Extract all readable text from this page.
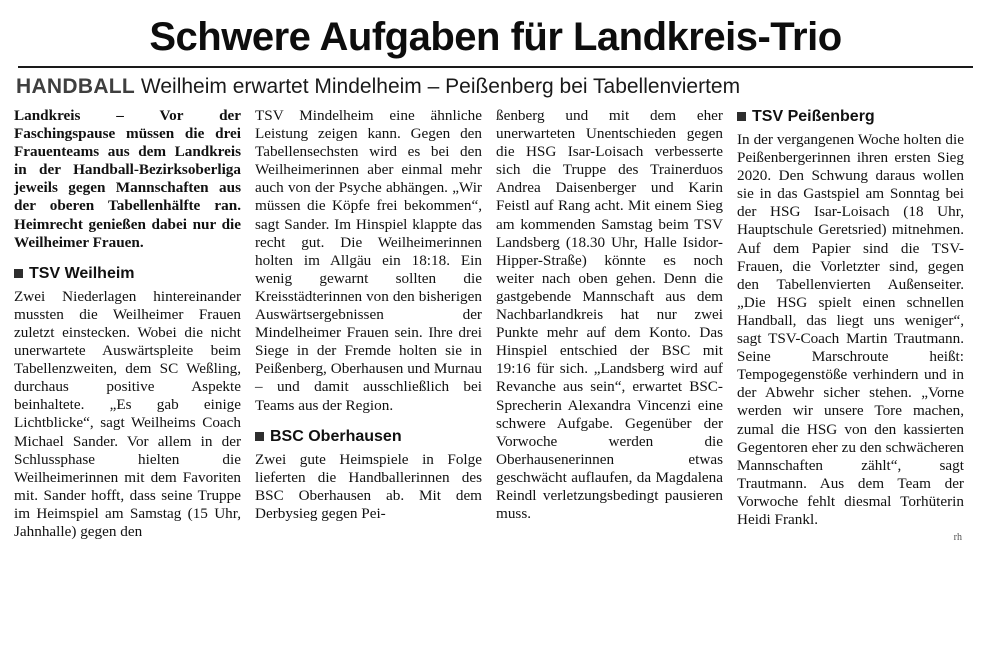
Schwere Aufgaben für Landkreis-Trio
HANDBALL Weilheim erwartet Mindelheim – Peißenberg bei Tabellenviertem

Landkreis – Vor der Faschingspause müssen die drei Frauenteams aus dem Landkreis in der Handball-Bezirksoberliga jeweils gegen Mannschaften aus der oberen Tabellenhälfte ran. Heimrecht genießen dabei nur die Weilheimer Frauen.

TSV Weilheim

Zwei Niederlagen hintereinander mussten die Weilheimer Frauen zuletzt einstecken. Wobei die nicht unerwartete Auswärtspleite beim Tabellenzweiten, dem SC Weßling, durchaus positive Aspekte beinhaltete. „Es gab einige Lichtblicke“, sagt Weilheims Coach Michael Sander. Vor allem in der Schlussphase hielten die Weilheimerinnen mit dem Favoriten mit. Sander hofft, dass seine Truppe im Heimspiel am Samstag (15 Uhr, Jahnhalle) gegen den

TSV Mindelheim eine ähnliche Leistung zeigen kann. Gegen den Tabellensechsten wird es bei den Weilheimerinnen aber einmal mehr auch von der Psyche abhängen. „Wir müssen die Köpfe frei bekommen“, sagt Sander. Im Hinspiel klappte das recht gut. Die Weilheimerinnen holten im Allgäu ein 18:18. Ein wenig gewarnt sollten die Kreisstädterinnen von den bisherigen Auswärtsergebnissen der Mindelheimer Frauen sein. Ihre drei Siege in der Fremde holten sie in Peißenberg, Oberhausen und Murnau – und damit ausschließlich bei Teams aus der Region.

BSC Oberhausen

Zwei gute Heimspiele in Folge lieferten die Handballerinnen des BSC Oberhausen ab. Mit dem Derbysieg gegen Pei-

ßenberg und mit dem eher unerwarteten Unentschieden gegen die HSG Isar-Loisach verbesserte sich die Truppe des Trainerduos Andrea Daisenberger und Karin Feistl auf Rang acht. Mit einem Sieg am kommenden Samstag beim TSV Landsberg (18.30 Uhr, Halle Isidor-Hipper-Straße) könnte es noch weiter nach oben gehen. Denn die gastgebende Mannschaft aus dem Nachbarlandkreis hat nur zwei Punkte mehr auf dem Konto. Das Hinspiel entschied der BSC mit 19:16 für sich. „Landsberg wird auf Revanche aus sein“, erwartet BSC-Sprecherin Alexandra Vincenzi eine schwere Aufgabe. Gegenüber der Vorwoche werden die Oberhausenerinnen etwas geschwächt auflaufen, da Magdalena Reindl verletzungsbedingt pausieren muss.

TSV Peißenberg

In der vergangenen Woche holten die Peißenbergerinnen ihren ersten Sieg 2020. Den Schwung daraus wollen sie in das Gastspiel am Sonntag bei der HSG Isar-Loisach (18 Uhr, Hauptschule Geretsried) mitnehmen. Auf dem Papier sind die TSV-Frauen, die Vorletzter sind, gegen den Tabellenvierten Außenseiter. „Die HSG spielt einen schnellen Handball, das liegt uns weniger“, sagt TSV-Coach Martin Trautmann. Seine Marschroute heißt: Tempogegenstöße verhindern und in der Abwehr sicher stehen. „Vorne werden wir unsere Tore machen, zumal die HSG von den kassierten Gegentoren eher zu den schwächeren Mannschaften zählt“, sagt Trautmann. Aus dem Team der Vorwoche fehlt diesmal Torhüterin Heidi Frankl.

rh
